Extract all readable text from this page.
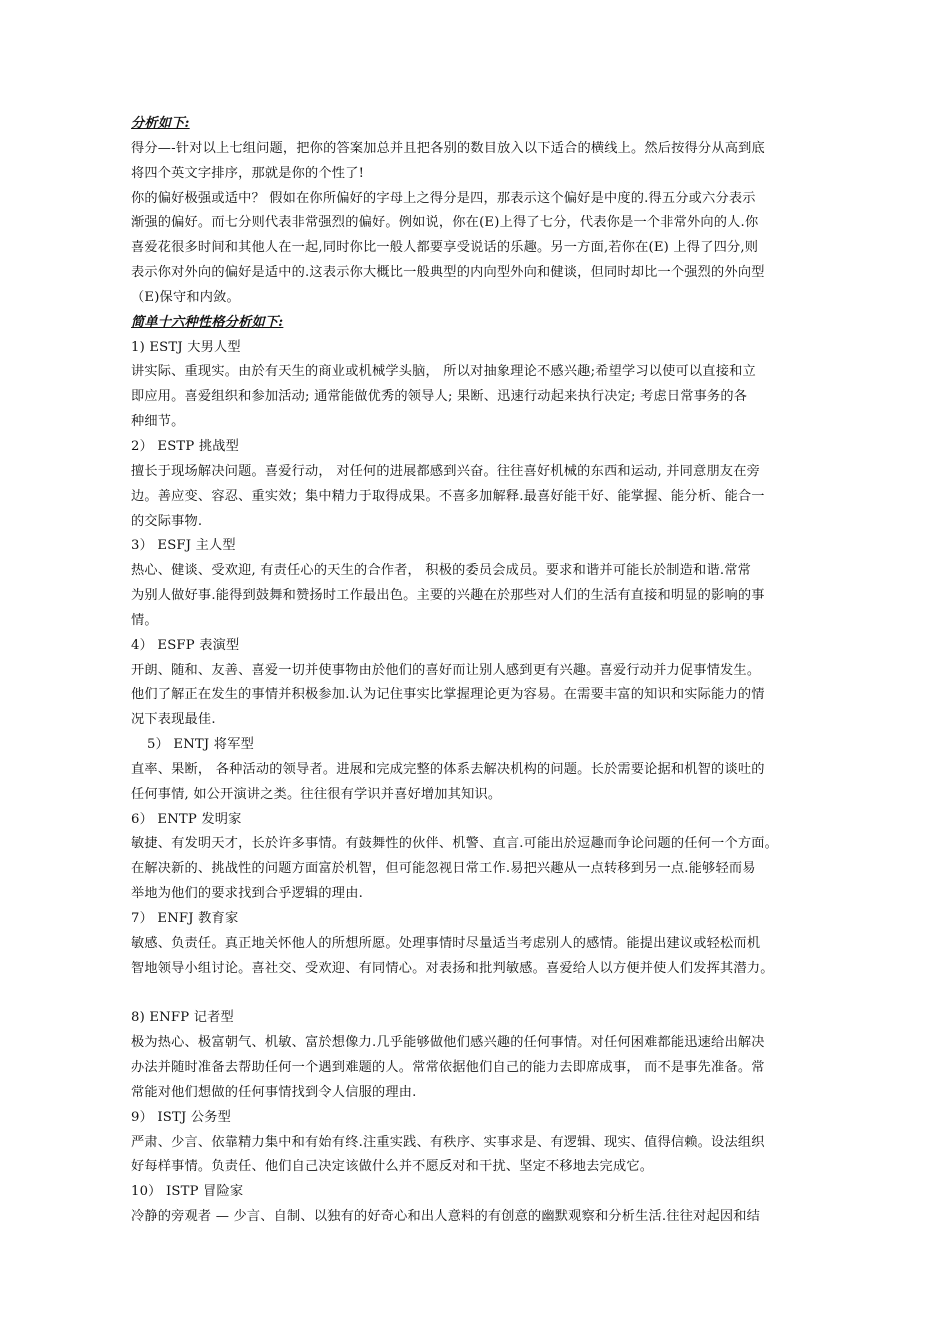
分析如下:
得分—-针对以上七组问题，把你的答案加总并且把各别的数目放入以下适合的横线上。然后按得分从高到底
将四个英文字排序，那就是你的个性了!
你的偏好极强或适中？ 假如在你所偏好的字母上之得分是四，那表示这个偏好是中度的.得五分或六分表示
渐强的偏好。而七分则代表非常强烈的偏好。例如说，你在(E)上得了七分，代表你是一个非常外向的人.你
喜爱花很多时间和其他人在一起,同时你比一般人都要享受说话的乐趣。另一方面,若你在(E) 上得了四分,则
表示你对外向的偏好是适中的.这表示你大概比一般典型的内向型外向和健谈，但同时却比一个强烈的外向型
（E)保守和内敛。
简单十六种性格分析如下:
1) ESTJ 大男人型
讲实际、重现实。由於有天生的商业或机械学头脑， 所以对抽象理论不感兴趣;希望学习以使可以直接和立
即应用。喜爱组织和参加活动; 通常能做优秀的领导人; 果断、迅速行动起来执行决定; 考虑日常事务的各
种细节。
2） ESTP 挑战型
擅长于现场解决问题。喜爱行动， 对任何的进展都感到兴奋。往往喜好机械的东西和运动, 并同意朋友在旁
边。善应变、容忍、重实效；集中精力于取得成果。不喜多加解释.最喜好能干好、能掌握、能分析、能合一
的交际事物.
3） ESFJ 主人型
热心、健谈、受欢迎, 有责任心的天生的合作者， 积极的委员会成员。要求和谐并可能长於制造和谐.常常
为别人做好事.能得到鼓舞和赞扬时工作最出色。主要的兴趣在於那些对人们的生活有直接和明显的影响的事
情。
4） ESFP 表演型
开朗、随和、友善、喜爱一切并使事物由於他们的喜好而让别人感到更有兴趣。喜爱行动并力促事情发生。
他们了解正在发生的事情并积极参加.认为记住事实比掌握理论更为容易。在需要丰富的知识和实际能力的情
况下表现最佳.
5） ENTJ 将军型
直率、果断， 各种活动的领导者。进展和完成完整的体系去解决机构的问题。长於需要论据和机智的谈吐的
任何事情, 如公开演讲之类。往往很有学识并喜好增加其知识。
6） ENTP 发明家
敏捷、有发明天才，长於许多事情。有鼓舞性的伙伴、机警、直言.可能出於逗趣而争论问题的任何一个方面。
在解决新的、挑战性的问题方面富於机智，但可能忽视日常工作.易把兴趣从一点转移到另一点.能够轻而易
举地为他们的要求找到合乎逻辑的理由.
7） ENFJ 教育家
敏感、负责任。真正地关怀他人的所想所愿。处理事情时尽量适当考虑别人的感情。能提出建议或轻松而机
智地领导小组讨论。喜社交、受欢迎、有同情心。对表扬和批判敏感。喜爱给人以方便并使人们发挥其潜力。
8) ENFP 记者型
极为热心、极富朝气、机敏、富於想像力.几乎能够做他们感兴趣的任何事情。对任何困难都能迅速给出解决
办法并随时准备去帮助任何一个遇到难题的人。常常依据他们自己的能力去即席成事， 而不是事先准备。常
常能对他们想做的任何事情找到令人信服的理由.
9） ISTJ 公务型
严肃、少言、依靠精力集中和有始有终.注重实践、有秩序、实事求是、有逻辑、现实、值得信赖。设法组织
好每样事情。负责任、他们自己决定该做什么并不愿反对和干扰、坚定不移地去完成它。
10） ISTP 冒险家
冷静的旁观者 — 少言、自制、以独有的好奇心和出人意料的有创意的幽默观察和分析生活.往往对起因和结
